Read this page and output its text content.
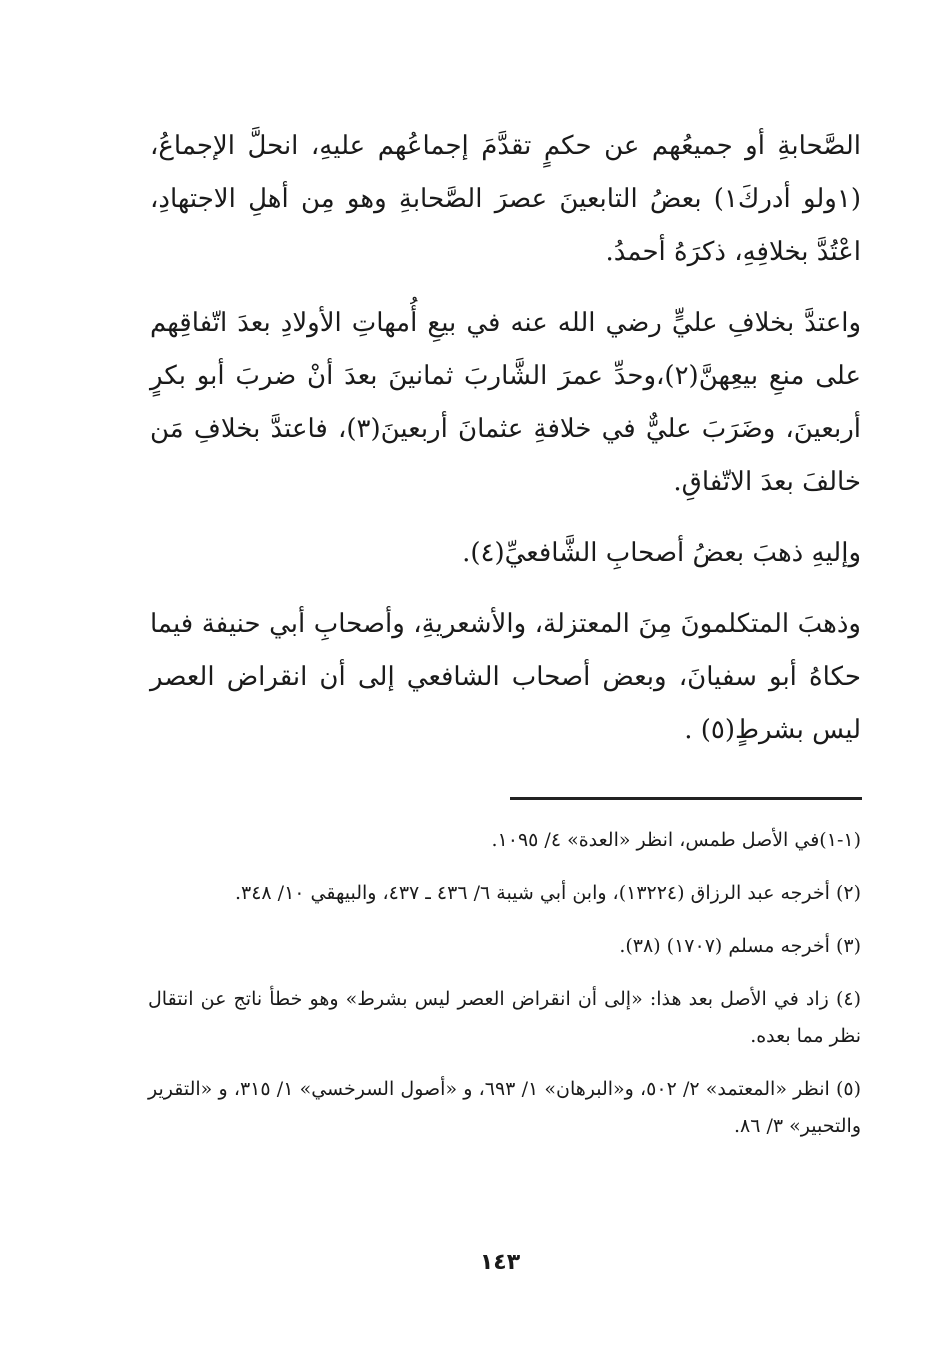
الصَّحابةِ أو جميعُهم عن حكمٍ تقدَّمَ إجماعُهم عليهِ، انحلَّ الإجماعُ، (١ولو أدركَ١) بعضُ التابعينَ عصرَ الصَّحابةِ وهو مِن أهلِ الاجتهادِ، اعْتُدَّ بخلافِهِ، ذكرَهُ أحمدُ.

واعتدَّ بخلافِ عليٍّ رضي الله عنه في بيعِ أُمهاتِ الأولادِ بعدَ اتّفاقِهم على منعِ بيعِهنَّ(٢)،وحدِّ عمرَ الشَّاربَ ثمانينَ بعدَ أنْ ضربَ أبو بكرٍ أربعينَ، وضَرَبَ عليٌّ في خلافةِ عثمانَ أربعينَ(٣)، فاعتدَّ بخلافِ مَن خالفَ بعدَ الاتّفاقِ.

وإليهِ ذهبَ بعضُ أصحابِ الشَّافعيِّ(٤).

وذهبَ المتكلمونَ مِنَ المعتزلة، والأشعريةِ، وأصحابِ أبي حنيفة فيما حكاهُ أبو سفيانَ، وبعض أصحاب الشافعي إلى أن انقراض العصر ليس بشرطٍ(٥) .

(١-١)في الأصل طمس، انظر «العدة» ٤/ ١٠٩٥.

(٢) أخرجه عبد الرزاق (١٣٢٢٤)، وابن أبي شيبة ٦/ ٤٣٦ ـ ٤٣٧، والبيهقي ١٠/ ٣٤٨.

(٣) أخرجه مسلم (١٧٠٧) (٣٨).

(٤) زاد في الأصل بعد هذا: «إلى أن انقراض العصر ليس بشرط» وهو خطأ ناتج عن انتقال نظر مما بعده.

(٥) انظر «المعتمد» ٢/ ٥٠٢، و«البرهان» ١/ ٦٩٣، و «أصول السرخسي» ١/ ٣١٥، و «التقرير والتحبير» ٣/ ٨٦.

١٤٣
